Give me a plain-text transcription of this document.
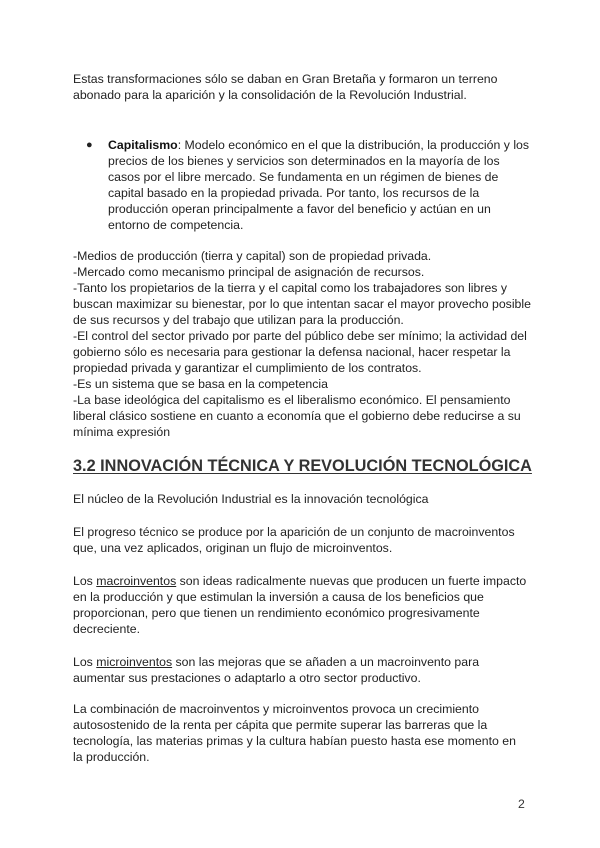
Estas transformaciones sólo se daban en Gran Bretaña y formaron un terreno abonado para la aparición y la consolidación de la Revolución Industrial.

●	Capitalismo: Modelo económico en el que la distribución, la producción y los precios de los bienes y servicios son determinados en la mayoría de los casos por el libre mercado. Se fundamenta en un régimen de bienes de capital basado en la propiedad privada. Por tanto, los recursos de la producción operan principalmente a favor del beneficio y actúan en un entorno de competencia.

-Medios de producción (tierra y capital) son de propiedad privada.

-Mercado como mecanismo principal de asignación de recursos.

-Tanto los propietarios de la tierra y el capital como los trabajadores son libres y buscan maximizar su bienestar, por lo que intentan sacar el mayor provecho posible de sus recursos y del trabajo que utilizan para la producción.

-El control del sector privado por parte del público debe ser mínimo; la actividad del gobierno sólo es necesaria para gestionar la defensa nacional, hacer respetar la propiedad privada y garantizar el cumplimiento de los contratos.

-Es un sistema que se basa en la competencia

-La base ideológica del capitalismo es el liberalismo económico. El pensamiento liberal clásico sostiene en cuanto a economía que el gobierno debe reducirse a su mínima expresión

3.2 INNOVACIÓN TÉCNICA Y REVOLUCIÓN TECNOLÓGICA

El núcleo de la Revolución Industrial es la innovación tecnológica

El progreso técnico se produce por la aparición de un conjunto de macroinventos que, una vez aplicados, originan un flujo de microinventos.

Los macroinventos son ideas radicalmente nuevas que producen un fuerte impacto en la producción y que estimulan la inversión a causa de los beneficios que proporcionan, pero que tienen un rendimiento económico progresivamente decreciente.

Los microinventos son las mejoras que se añaden a un macroinvento para aumentar sus prestaciones o adaptarlo a otro sector productivo.

La combinación de macroinventos y microinventos provoca un crecimiento autosostenido de la renta per cápita que permite superar las barreras que la tecnología, las materias primas y la cultura habían puesto hasta ese momento en la producción.

2
